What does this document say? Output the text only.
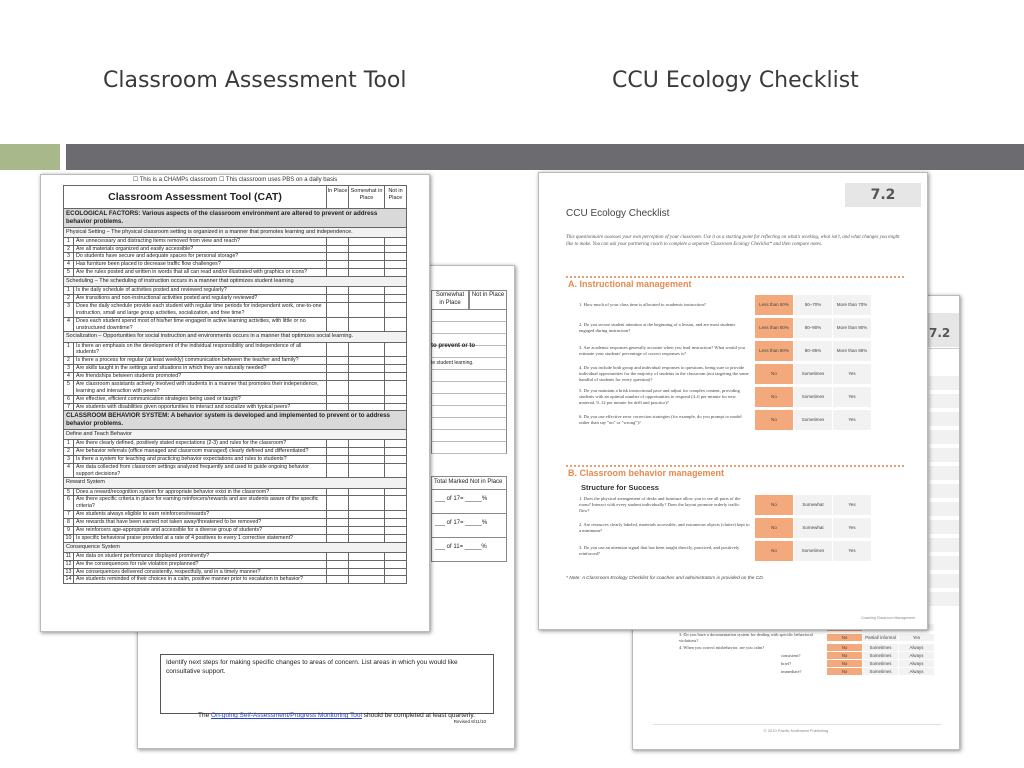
Classroom Assessment Tool	CCU Ecology Checklist
Somewhat in Place
Not in Place
to prevent or to
te student learning.
Total Marked Not in Place
___ of 17= _____%
___ of 17= _____%
___ of 11= _____%
Identify next steps for making specific changes to areas of concern. List areas in which you would like consultative support.
The On-going Self-Assessment/Progress Monitoring Tool should be completed at least quarterly.
Revised 8/11/10
☐ This is a CHAMPs classroom ☐ This classroom uses PBS on a daily basis
Classroom Assessment Tool (CAT)	In Place Somewhat in Place
Not in Place
ECOLOGICAL FACTORS: Various aspects of the classroom environment are altered to prevent or address behavior problems.
Physical Setting – The physical classroom setting is organized in a manner that promotes learning and independence.
1	Are unnecessary and distracting items removed from view and reach?
2	Are all materials organized and easily accessible?
3	Do students have secure and adequate spaces for personal storage?
4	Has furniture been placed to decrease traffic flow challenges?
5	Are the rules posted and written in words that all can read and/or illustrated with graphics or icons?
Scheduling – The scheduling of instruction occurs in a manner that optimizes student learning
1	Is the daily schedule of activities posted and reviewed regularly?
2	Are transitions and non-instructional activities posted and regularly reviewed?
3	Does the daily schedule provide each student with regular time periods for independent work, one-to-one instruction, small and large group activities, socialization, and free time?
4	Does each student spend most of his/her time engaged in active learning activities, with little or no unstructured downtime?
Socialization – Opportunities for social instruction and environments occurs in a manner that optimizes social learning.
1	Is there an emphasis on the development of the individual responsibility and independence of all students?
2	Is there a process for regular (at least weekly) communication between the teacher and family?
3	Are skills taught in the settings and situations in which they are naturally needed?
4	Are friendships between students promoted?
5	Are classroom assistants actively involved with students in a manner that promotes their independence, learning and interaction with peers?
6	Are effective, efficient communication strategies being used or taught?
7	Are students with disabilities given opportunities to interact and socialize with typical peers?
CLASSROOM BEHAVIOR SYSTEM: A behavior system is developed and implemented to prevent or to address behavior problems.
Define and Teach Behavior
1	Are there clearly defined, positively stated expectations (2-3) and rules for the classroom?
2	Are behavior referrals (office managed and classroom managed) clearly defined and differentiated?
3	Is there a system for teaching and practicing behavior expectations and rules to students?
4	Are data collected from classroom settings analyzed frequently and used to guide ongoing behavior support decisions?
Reward System
5	Does a reward/recognition system for appropriate behavior exist in the classroom?
6	Are there specific criteria in place for earning reinforcers/rewards and are students aware of the specific criteria?
7	Are students always eligible to earn reinforcers/rewards?
8	Are rewards that have been earned not taken away/threatened to be removed?
9	Are reinforcers age-appropriate and accessible for a diverse group of students?
10 Is specific behavioral praise provided at a rate of 4 positives to every 1 corrective statement?
Consequence System
11 Are data on student performance displayed prominently?
12 Are the consequences for rule violation preplanned?
13 Are consequences delivered consistently, respectfully, and in a timely manner?
14 Are students reminded of their choices in a calm, positive manner prior to escalation in behavior?
7.2
3. Do you have a documentation system for dealing with specific behavioral violations?
No	Partial/ informal	Yes
4. When you correct misbehavior, are you calm?	No	Sometimes	Always
consistent?	No	Sometimes	Always
brief?	No	Sometimes	Always
immediate?	No	Sometimes	Always
© 2010 Pacific Northwest Publishing
7.2
CCU Ecology Checklist
This questionnaire assesses your own perception of your classroom. Use it as a starting point for reflecting on what's working, what isn't, and what changes you might like to make. You can ask your partnering coach to complete a separate Classroom Ecology Checklist* and then compare notes.
A. Instructional management
1. How much of your class time is allocated to academic instruction?	Less than 50%	50–70%	More than 70%
2. Do you secure student attention at the beginning of a lesson, and are most students engaged during instruction?
Less than 80%	80–90%	More than 90%
3. Are academic responses generally accurate when you lead instruction? What would you estimate your students' percentage of correct responses is?
Less than 80%	80–85%	More than 85%
4. Do you include both group and individual responses to questions, being sure to provide individual opportunities for the majority of students in the classroom (not targeting the same handful of students for every question)?
No	Sometimes	Yes
5. Do you maintain a brisk instructional pace and adjust for complex content, providing students with an optimal number of opportunities to respond (4–6 per minute for new material, 9–12 per minute for drill and practice)?
No	Sometimes	Yes
6. Do you use effective error correction strategies (for example, do you prompt or model rather than say "no" or "wrong")?
No	Sometimes	Yes
B. Classroom behavior management
Structure for Success
1. Does the physical arrangement of desks and furniture allow you to see all parts of the room? Interact with every student individually? Does the layout promote orderly traffic flow?
No	Somewhat	Yes
2. Are resources clearly labeled, materials accessible, and extraneous objects (clutter) kept to a minimum?
No	Somewhat	Yes
3. Do you use an attention signal that has been taught directly, practiced, and positively reinforced?
No	Sometimes	Yes
* Note: A Classroom Ecology Checklist for coaches and administrators is provided on the CD.
Coaching Classroom Management
